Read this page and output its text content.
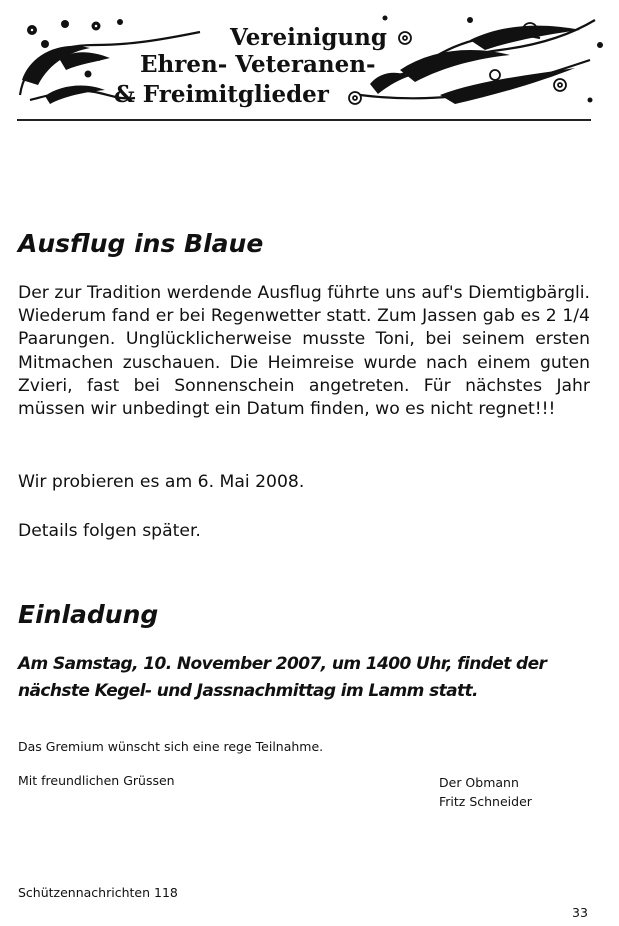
Vereinigung
Ehren- Veteranen-
& Freimitglieder
Ausflug ins Blaue
Der zur Tradition werdende Ausflug führte uns auf's Diemtigbärgli. Wiederum fand er bei Regenwetter statt. Zum Jassen gab es 2 1/4 Paarungen. Unglücklicherweise musste Toni, bei seinem ersten Mitmachen zuschauen. Die Heimreise wurde nach einem guten Zvieri, fast bei Sonnenschein angetreten. Für nächstes Jahr müssen wir unbedingt ein Datum finden, wo es nicht regnet!!!
Wir probieren es am 6. Mai 2008.
Details folgen später.
Einladung
Am Samstag, 10. November 2007, um 1400 Uhr, findet der nächste Kegel- und Jassnachmittag im Lamm statt.
Das Gremium wünscht sich eine rege Teilnahme.
Mit freundlichen Grüssen	Der Obmann
Fritz Schneider
Schützennachrichten 118
33
